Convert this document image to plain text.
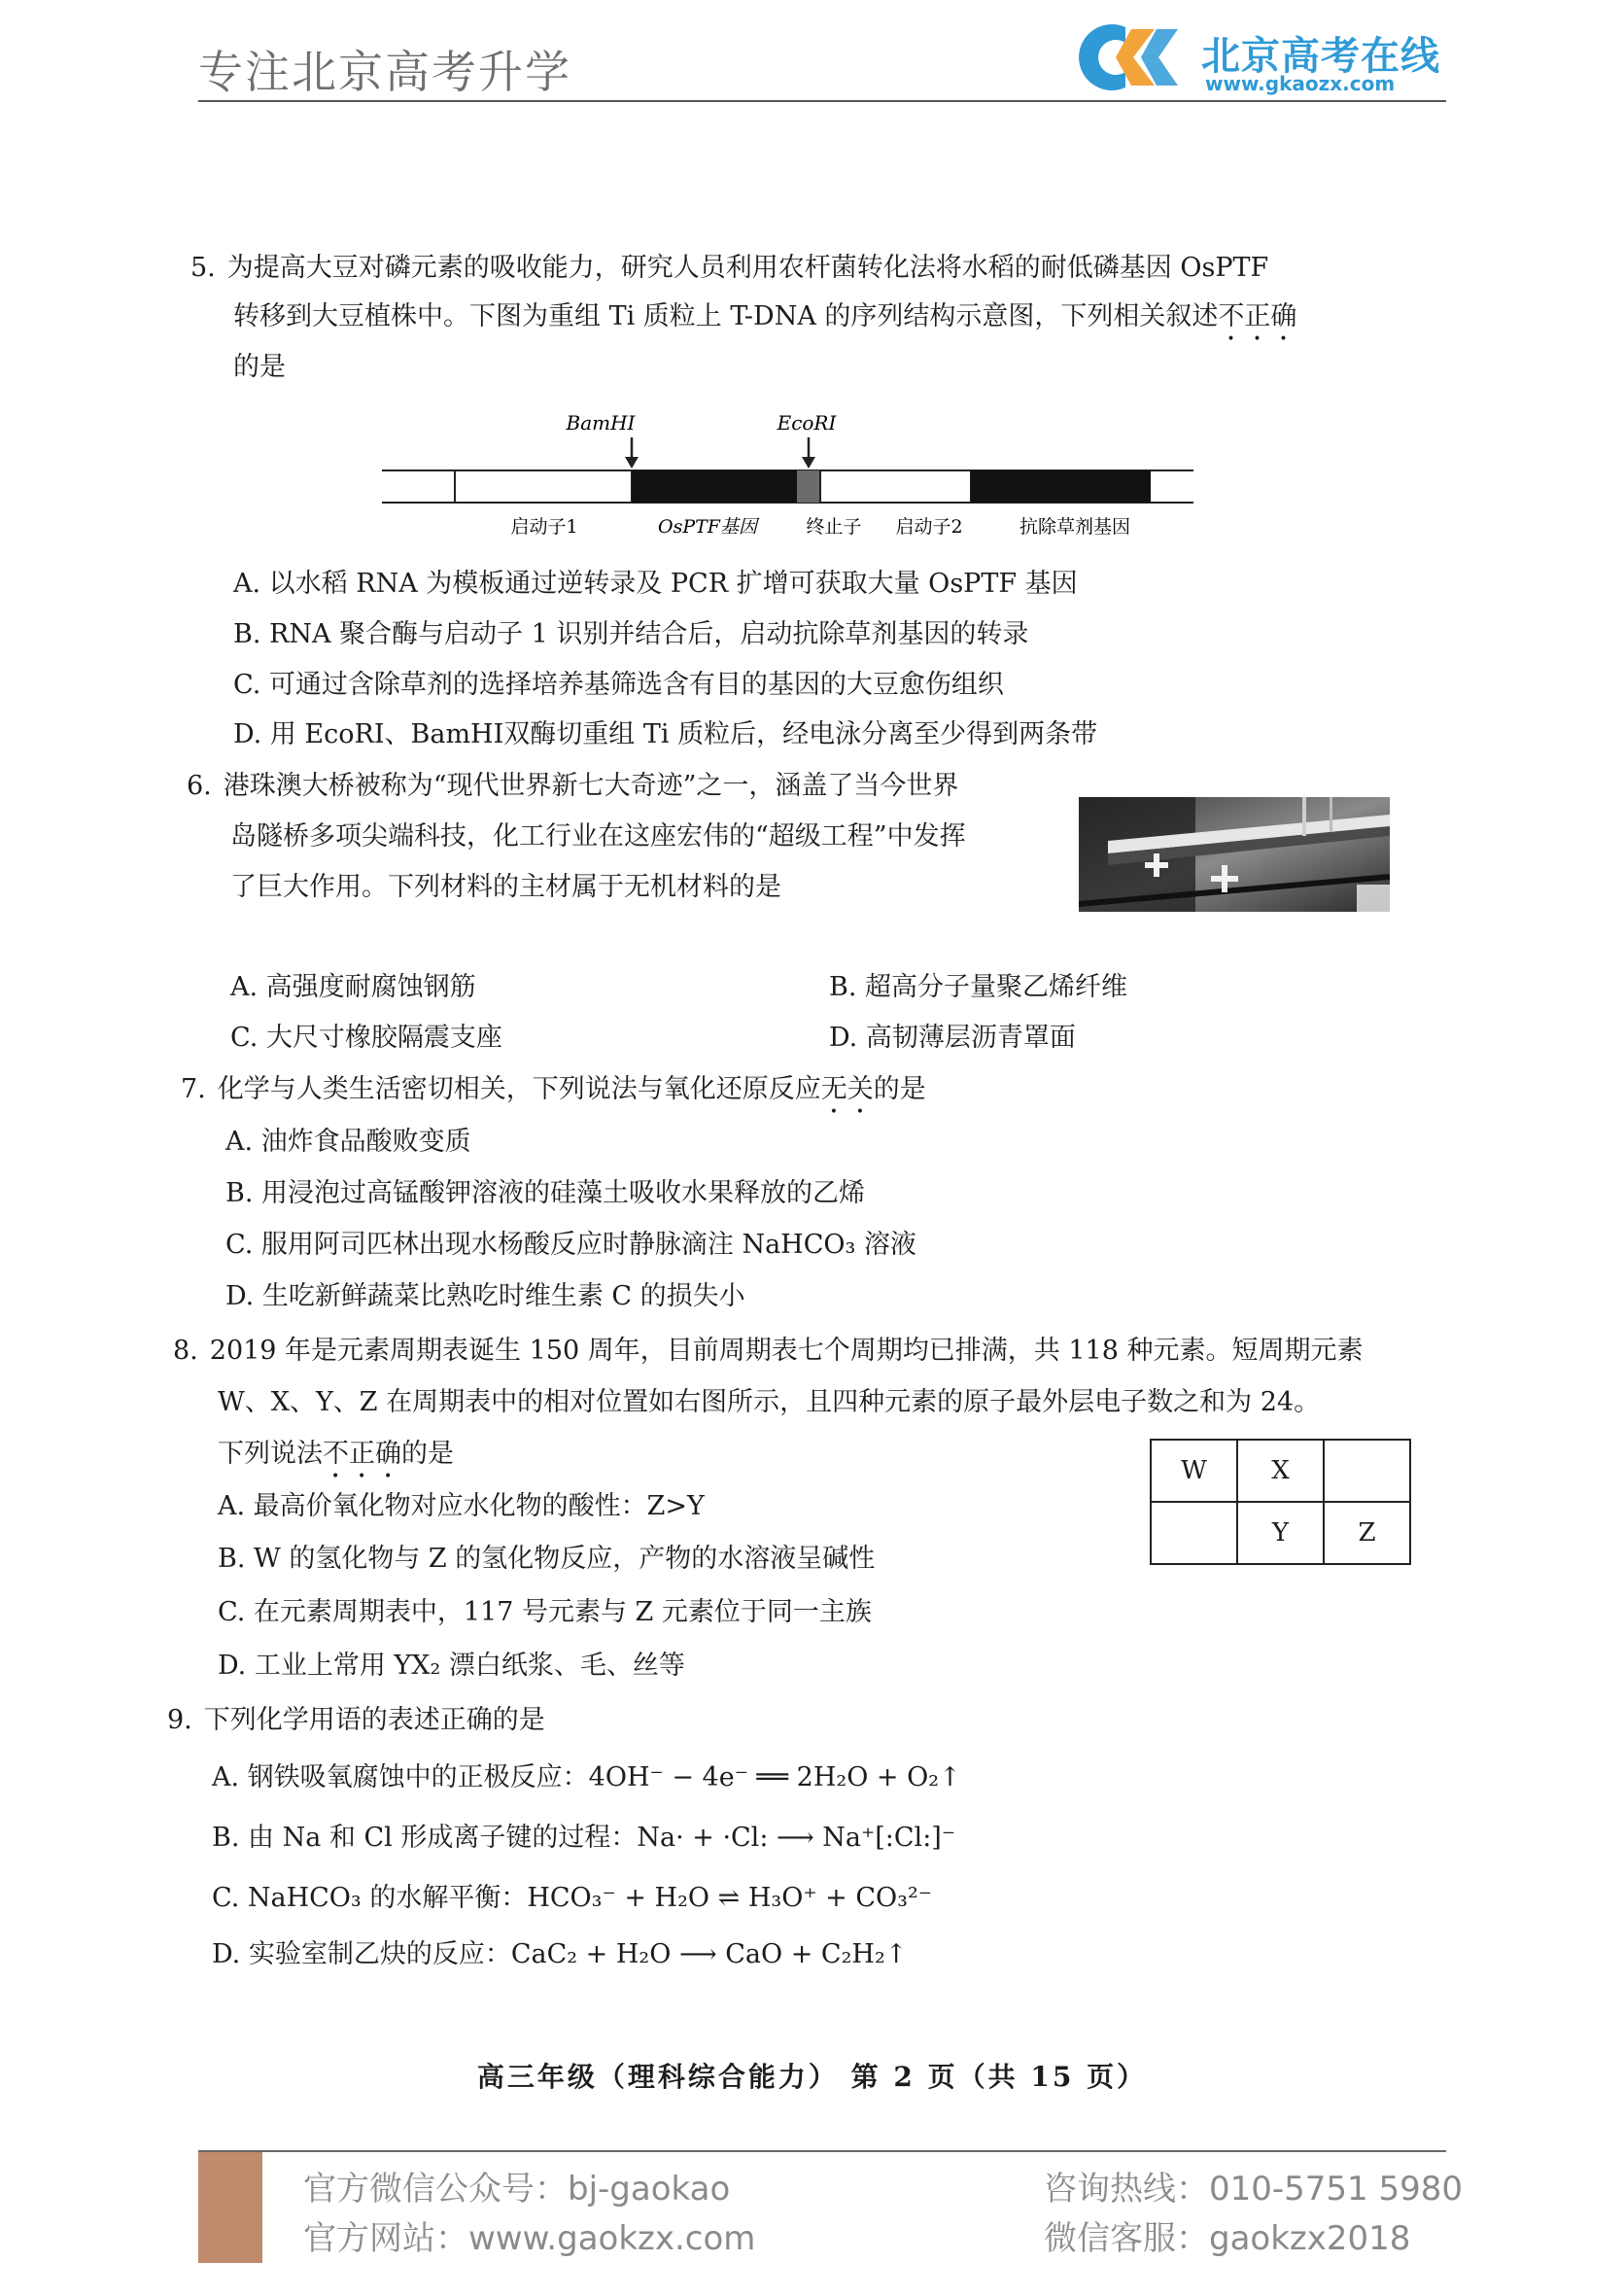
专注北京高考升学	北京高考在线
www.gkaozx.com
5. 为提高大豆对磷元素的吸收能力，研究人员利用农杆菌转化法将水稻的耐低磷基因 OsPTF
转移到大豆植株中。下图为重组 Ti 质粒上 T-DNA 的序列结构示意图，下列相关叙述不正确
的是
BamHⅠ	EcoRⅠ
启动子1	OsPTF基因	终止子 启动子2	抗除草剂基因
A. 以水稻 RNA 为模板通过逆转录及 PCR 扩增可获取大量 OsPTF 基因
B. RNA 聚合酶与启动子 1 识别并结合后，启动抗除草剂基因的转录
C. 可通过含除草剂的选择培养基筛选含有目的基因的大豆愈伤组织
D. 用 EcoRⅠ、BamHⅠ双酶切重组 Ti 质粒后，经电泳分离至少得到两条带
6. 港珠澳大桥被称为“现代世界新七大奇迹”之一，涵盖了当今世界
岛隧桥多项尖端科技，化工行业在这座宏伟的“超级工程”中发挥
了巨大作用。下列材料的主材属于无机材料的是
A. 高强度耐腐蚀钢筋	B. 超高分子量聚乙烯纤维
C. 大尺寸橡胶隔震支座	D. 高韧薄层沥青罩面
7. 化学与人类生活密切相关，下列说法与氧化还原反应无关的是
A. 油炸食品酸败变质
B. 用浸泡过高锰酸钾溶液的硅藻土吸收水果释放的乙烯
C. 服用阿司匹林出现水杨酸反应时静脉滴注 NaHCO₃ 溶液
D. 生吃新鲜蔬菜比熟吃时维生素 C 的损失小
8. 2019 年是元素周期表诞生 150 周年，目前周期表七个周期均已排满，共 118 种元素。短周期元素
W、X、Y、Z 在周期表中的相对位置如右图所示，且四种元素的原子最外层电子数之和为 24。
下列说法不正确的是
W	X	
	Y	Z
A. 最高价氧化物对应水化物的酸性：Z>Y
B. W 的氢化物与 Z 的氢化物反应，产物的水溶液呈碱性
C. 在元素周期表中，117 号元素与 Z 元素位于同一主族
D. 工业上常用 YX₂ 漂白纸浆、毛、丝等
9. 下列化学用语的表述正确的是
A. 钢铁吸氧腐蚀中的正极反应：4OH⁻ − 4e⁻ ══ 2H₂O + O₂↑
B. 由 Na 和 Cl 形成离子键的过程：Na· + ·Cl: ⟶ Na⁺[:Cl:]⁻
C. NaHCO₃ 的水解平衡：HCO₃⁻ + H₂O ⇌ H₃O⁺ + CO₃²⁻
D. 实验室制乙炔的反应：CaC₂ + H₂O ⟶ CaO + C₂H₂↑
高三年级（理科综合能力） 第 2 页（共 15 页）
官方微信公众号：bj-gaokao
官方网站：www.gaokzx.com
咨询热线：010-5751 5980
微信客服：gaokzx2018
